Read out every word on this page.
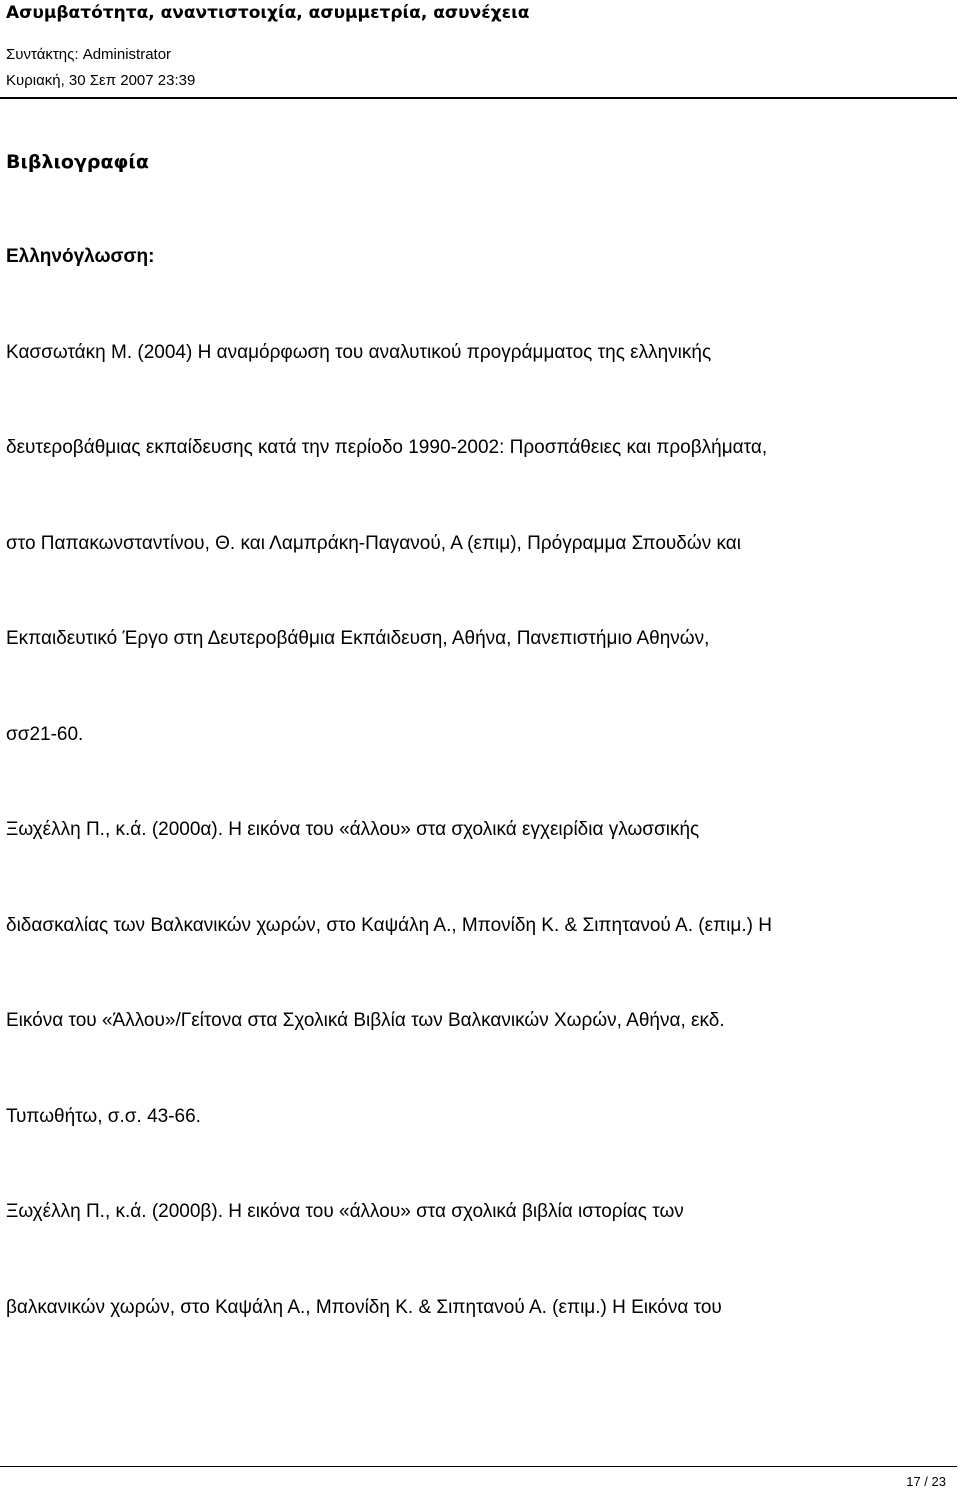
Ασυμβατότητα, αναντιστοιχία, ασυμμετρία, ασυνέχεια
Συντάκτης: Administrator
Κυριακή, 30 Σεπ 2007 23:39
Βιβλιογραφία
Ελληνόγλωσση:
Κασσωτάκη Μ. (2004) Η αναμόρφωση του αναλυτικού προγράμματος της ελληνικής
δευτεροβάθμιας εκπαίδευσης κατά την περίοδο 1990-2002: Προσπάθειες και προβλήματα,
στο Παπακωνσταντίνου, Θ. και Λαμπράκη-Παγανού, Α (επιμ), Πρόγραμμα Σπουδών και
Εκπαιδευτικό Έργο στη Δευτεροβάθμια Εκπάιδευση, Αθήνα, Πανεπιστήμιο Αθηνών,
σσ21-60.
Ξωχέλλη Π., κ.ά. (2000α). Η εικόνα του «άλλου» στα σχολικά εγχειρίδια γλωσσικής
διδασκαλίας των Βαλκανικών χωρών, στο Καψάλη Α., Μπονίδη Κ. & Σιπητανού Α. (επιμ.) Η
Εικόνα του «Άλλου»/Γείτονα στα Σχολικά Βιβλία των Βαλκανικών Χωρών, Αθήνα, εκδ.
Τυπωθήτω, σ.σ. 43-66.
Ξωχέλλη Π., κ.ά. (2000β). Η εικόνα του «άλλου» στα σχολικά βιβλία ιστορίας των
βαλκανικών χωρών, στο Καψάλη Α., Μπονίδη Κ. & Σιπητανού Α. (επιμ.) Η Εικόνα του
17 / 23
